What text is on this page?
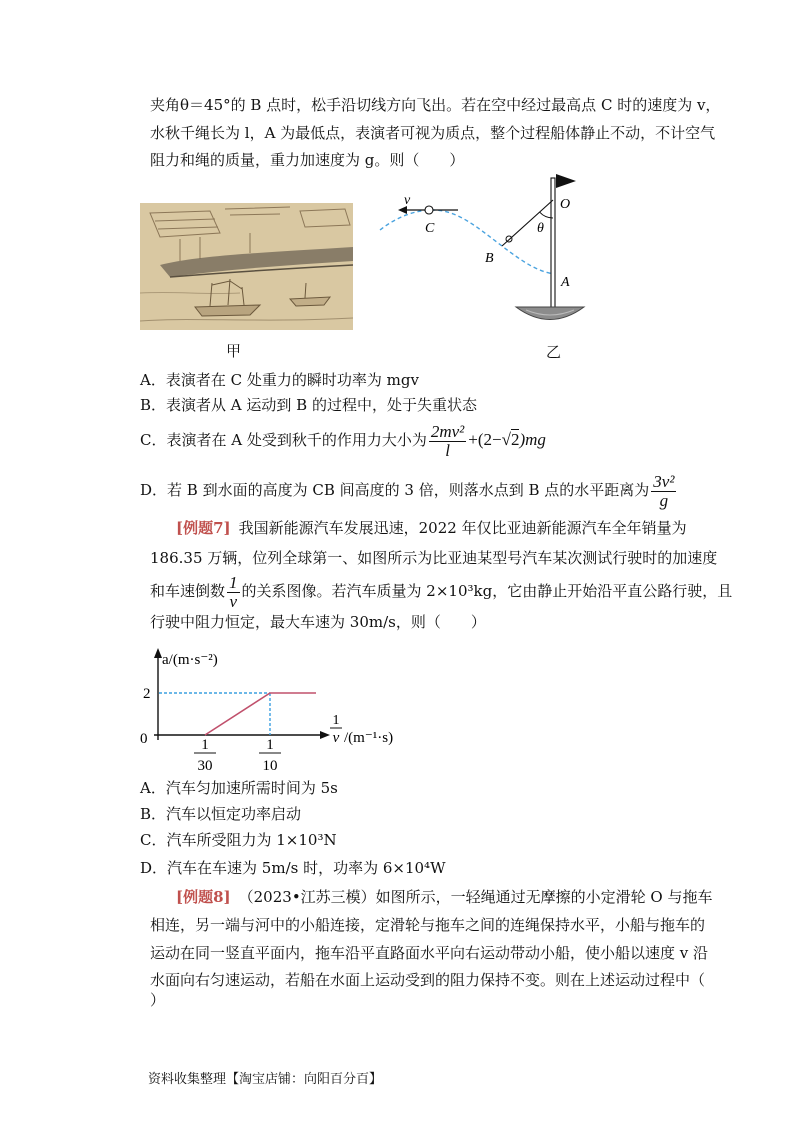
夹角θ＝45°的 B 点时，松手沿切线方向飞出。若在空中经过最高点 C 时的速度为 v，
水秋千绳长为 l，A 为最低点，表演者可视为质点，整个过程船体静止不动，不计空气
阻力和绳的质量，重力加速度为 g。则（　　）
甲
v
C
O
θ
B
A
乙
A．表演者在 C 处重力的瞬时功率为 mgv
B．表演者从 A 运动到 B 的过程中，处于失重状态
C．表演者在 A 处受到秋千的作用力大小为 $\frac{\text{2mv²}}{l} +(2-√2)mg$
D．若 B 到水面的高度为 CB 间高度的 3 倍，则落水点到 B 点的水平距离为 $\frac{\text{3v²}}{g}$
[例题7] 我国新能源汽车发展迅速，2022 年仅比亚迪新能源汽车全年销量为
186.35 万辆，位列全球第一、如图所示为比亚迪某型号汽车某次测试行驶时的加速度
和车速倒数 $\frac{1}{v}$ 的关系图像。若汽车质量为 2×10³kg，它由静止开始沿平直公路行驶，且
行驶中阻力恒定，最大车速为 30m/s，则（　　）
a/(m·s⁻²)
2
0	1
30
1
10
1
v /(m⁻¹·s)
A．汽车匀加速所需时间为 5s
B．汽车以恒定功率启动
C．汽车所受阻力为 1×10³N
D．汽车在车速为 5m/s 时，功率为 6×10⁴W
[例题8] （2023•江苏三模）如图所示，一轻绳通过无摩擦的小定滑轮 O 与拖车
相连，另一端与河中的小船连接，定滑轮与拖车之间的连绳保持水平，小船与拖车的
运动在同一竖直平面内，拖车沿平直路面水平向右运动带动小船，使小船以速度 v 沿
水面向右匀速运动，若船在水面上运动受到的阻力保持不变。则在上述运动过程中（
）
资料收集整理【淘宝店铺：向阳百分百】
